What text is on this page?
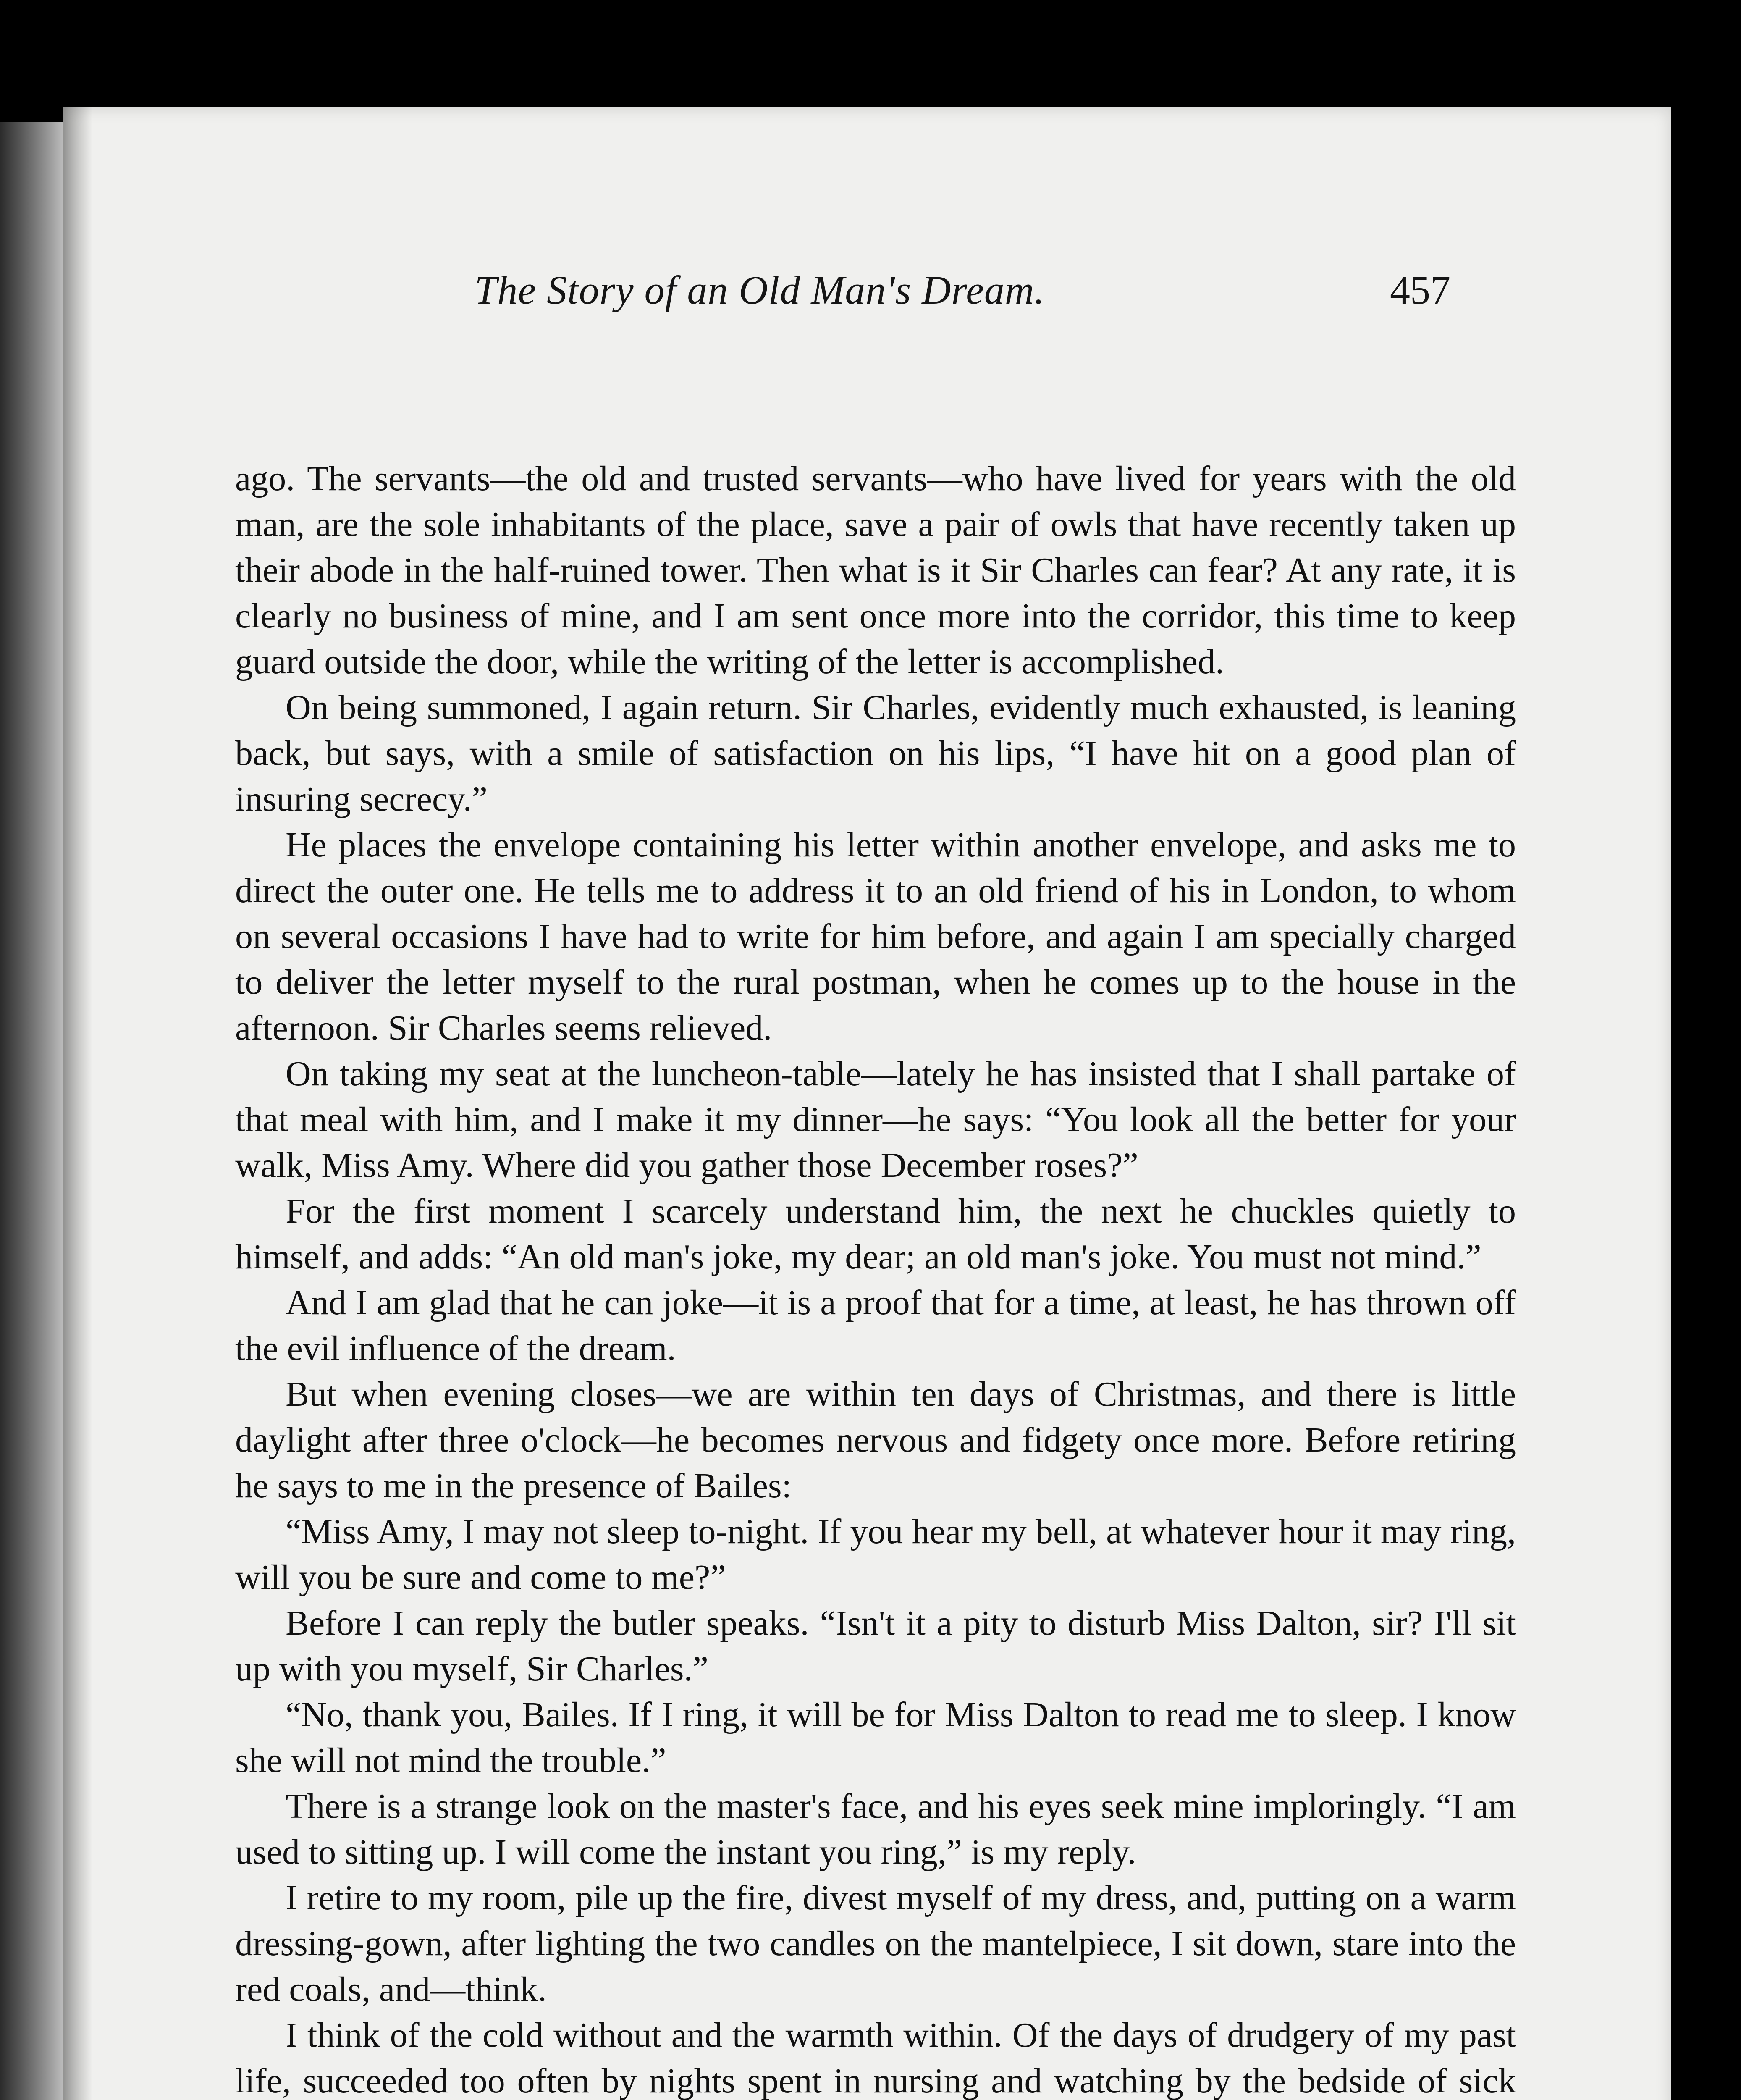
The Story of an Old Man's Dream.	457

ago. The servants—the old and trusted servants—who have lived for years with the old man, are the sole inhabitants of the place, save a pair of owls that have recently taken up their abode in the half-ruined tower. Then what is it Sir Charles can fear? At any rate, it is clearly no business of mine, and I am sent once more into the corridor, this time to keep guard outside the door, while the writing of the letter is accomplished.

On being summoned, I again return. Sir Charles, evidently much exhausted, is leaning back, but says, with a smile of satisfaction on his lips, “I have hit on a good plan of insuring secrecy.”

He places the envelope containing his letter within another envelope, and asks me to direct the outer one. He tells me to address it to an old friend of his in London, to whom on several occasions I have had to write for him before, and again I am specially charged to deliver the letter myself to the rural postman, when he comes up to the house in the afternoon. Sir Charles seems relieved.

On taking my seat at the luncheon-table—lately he has insisted that I shall partake of that meal with him, and I make it my dinner—he says: “You look all the better for your walk, Miss Amy. Where did you gather those December roses?”

For the first moment I scarcely understand him, the next he chuckles quietly to himself, and adds: “An old man's joke, my dear; an old man's joke. You must not mind.”

And I am glad that he can joke—it is a proof that for a time, at least, he has thrown off the evil influence of the dream.

But when evening closes—we are within ten days of Christmas, and there is little daylight after three o'clock—he becomes nervous and fidgety once more. Before retiring he says to me in the presence of Bailes:

“Miss Amy, I may not sleep to-night. If you hear my bell, at whatever hour it may ring, will you be sure and come to me?”

Before I can reply the butler speaks. “Isn't it a pity to disturb Miss Dalton, sir? I'll sit up with you myself, Sir Charles.”

“No, thank you, Bailes. If I ring, it will be for Miss Dalton to read me to sleep. I know she will not mind the trouble.”

There is a strange look on the master's face, and his eyes seek mine imploringly. “I am used to sitting up. I will come the instant you ring,” is my reply.

I retire to my room, pile up the fire, divest myself of my dress, and, putting on a warm dressing-gown, after lighting the two candles on the mantelpiece, I sit down, stare into the red coals, and—think.

I think of the cold without and the warmth within. Of the days of drudgery of my past life, succeeded too often by nights spent in nursing and watching by the bedside of sick
